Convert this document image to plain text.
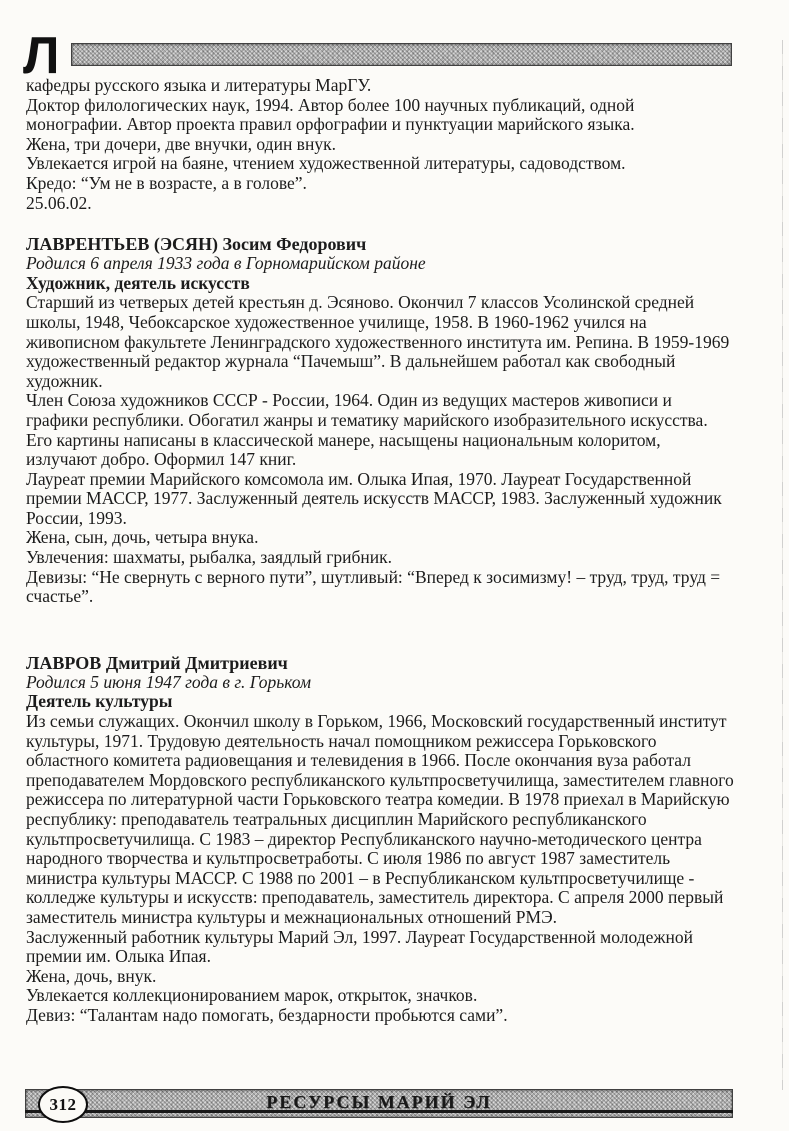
Л

кафедры русского языка и литературы МарГУ.

Доктор филологических наук, 1994. Автор более 100 научных публикаций, одной монографии. Автор проекта правил орфографии и пунктуации марийского языка.

Жена, три дочери, две внучки, один внук.

Увлекается игрой на баяне, чтением художественной литературы, садоводством.

Кредо: “Ум не в возрасте, а в голове”.

25.06.02.

ЛАВРЕНТЬЕВ (ЭСЯН) Зосим Федорович

Родился 6 апреля 1933 года в Горномарийском районе

Художник, деятель искусств

Старший из четверых детей крестьян д. Эсяново. Окончил 7 классов Усолинской средней школы, 1948, Чебоксарское художественное училище, 1958. В 1960-1962 учился на живописном факультете Ленинградского художественного института им. Репина. В 1959-1969 художественный редактор журнала “Пачемыш”. В дальнейшем работал как свободный художник.

Член Союза художников СССР - России, 1964. Один из ведущих мастеров живописи и графики республики. Обогатил жанры и тематику марийского изобразительного искусства. Его картины написаны в классической манере, насыщены национальным колоритом, излучают добро. Оформил 147 книг.

Лауреат премии Марийского комсомола им. Олыка Ипая, 1970. Лауреат Государственной премии МАССР, 1977. Заслуженный деятель искусств МАССР, 1983. Заслуженный художник России, 1993.

Жена, сын, дочь, четыра внука.

Увлечения: шахматы, рыбалка, заядлый грибник.

Девизы: “Не свернуть с верного пути”, шутливый: “Вперед к зосимизму! – труд, труд, труд = счастье”.

ЛАВРОВ Дмитрий Дмитриевич

Родился 5 июня 1947 года в г. Горьком

Деятель культуры

Из семьи служащих. Окончил школу в Горьком, 1966, Московский государственный институт культуры, 1971. Трудовую деятельность начал помощником режиссера Горьковского областного комитета радиовещания и телевидения в 1966. После окончания вуза работал преподавателем Мордовского республиканского культпросветучилища, заместителем главного режиссера по литературной части Горьковского театра комедии. В 1978 приехал в Марийскую республику: преподаватель театральных дисциплин Марийского республиканского культпросветучилища. С 1983 – директор Республиканского научно-методического центра народного творчества и культпросветработы. С июля 1986 по август 1987 заместитель министра культуры МАССР. С 1988 по 2001 – в Республиканском культпросветучилище - колледже культуры и искусств: преподаватель, заместитель директора. С апреля 2000 первый заместитель министра культуры и межнациональных отношений РМЭ.

Заслуженный работник культуры Марий Эл, 1997. Лауреат Государственной молодежной премии им. Олыка Ипая.

Жена, дочь, внук.

Увлекается коллекционированием марок, открыток, значков.

Девиз: “Талантам надо помогать, бездарности пробьются сами”.

312	РЕСУРСЫ МАРИЙ ЭЛ
